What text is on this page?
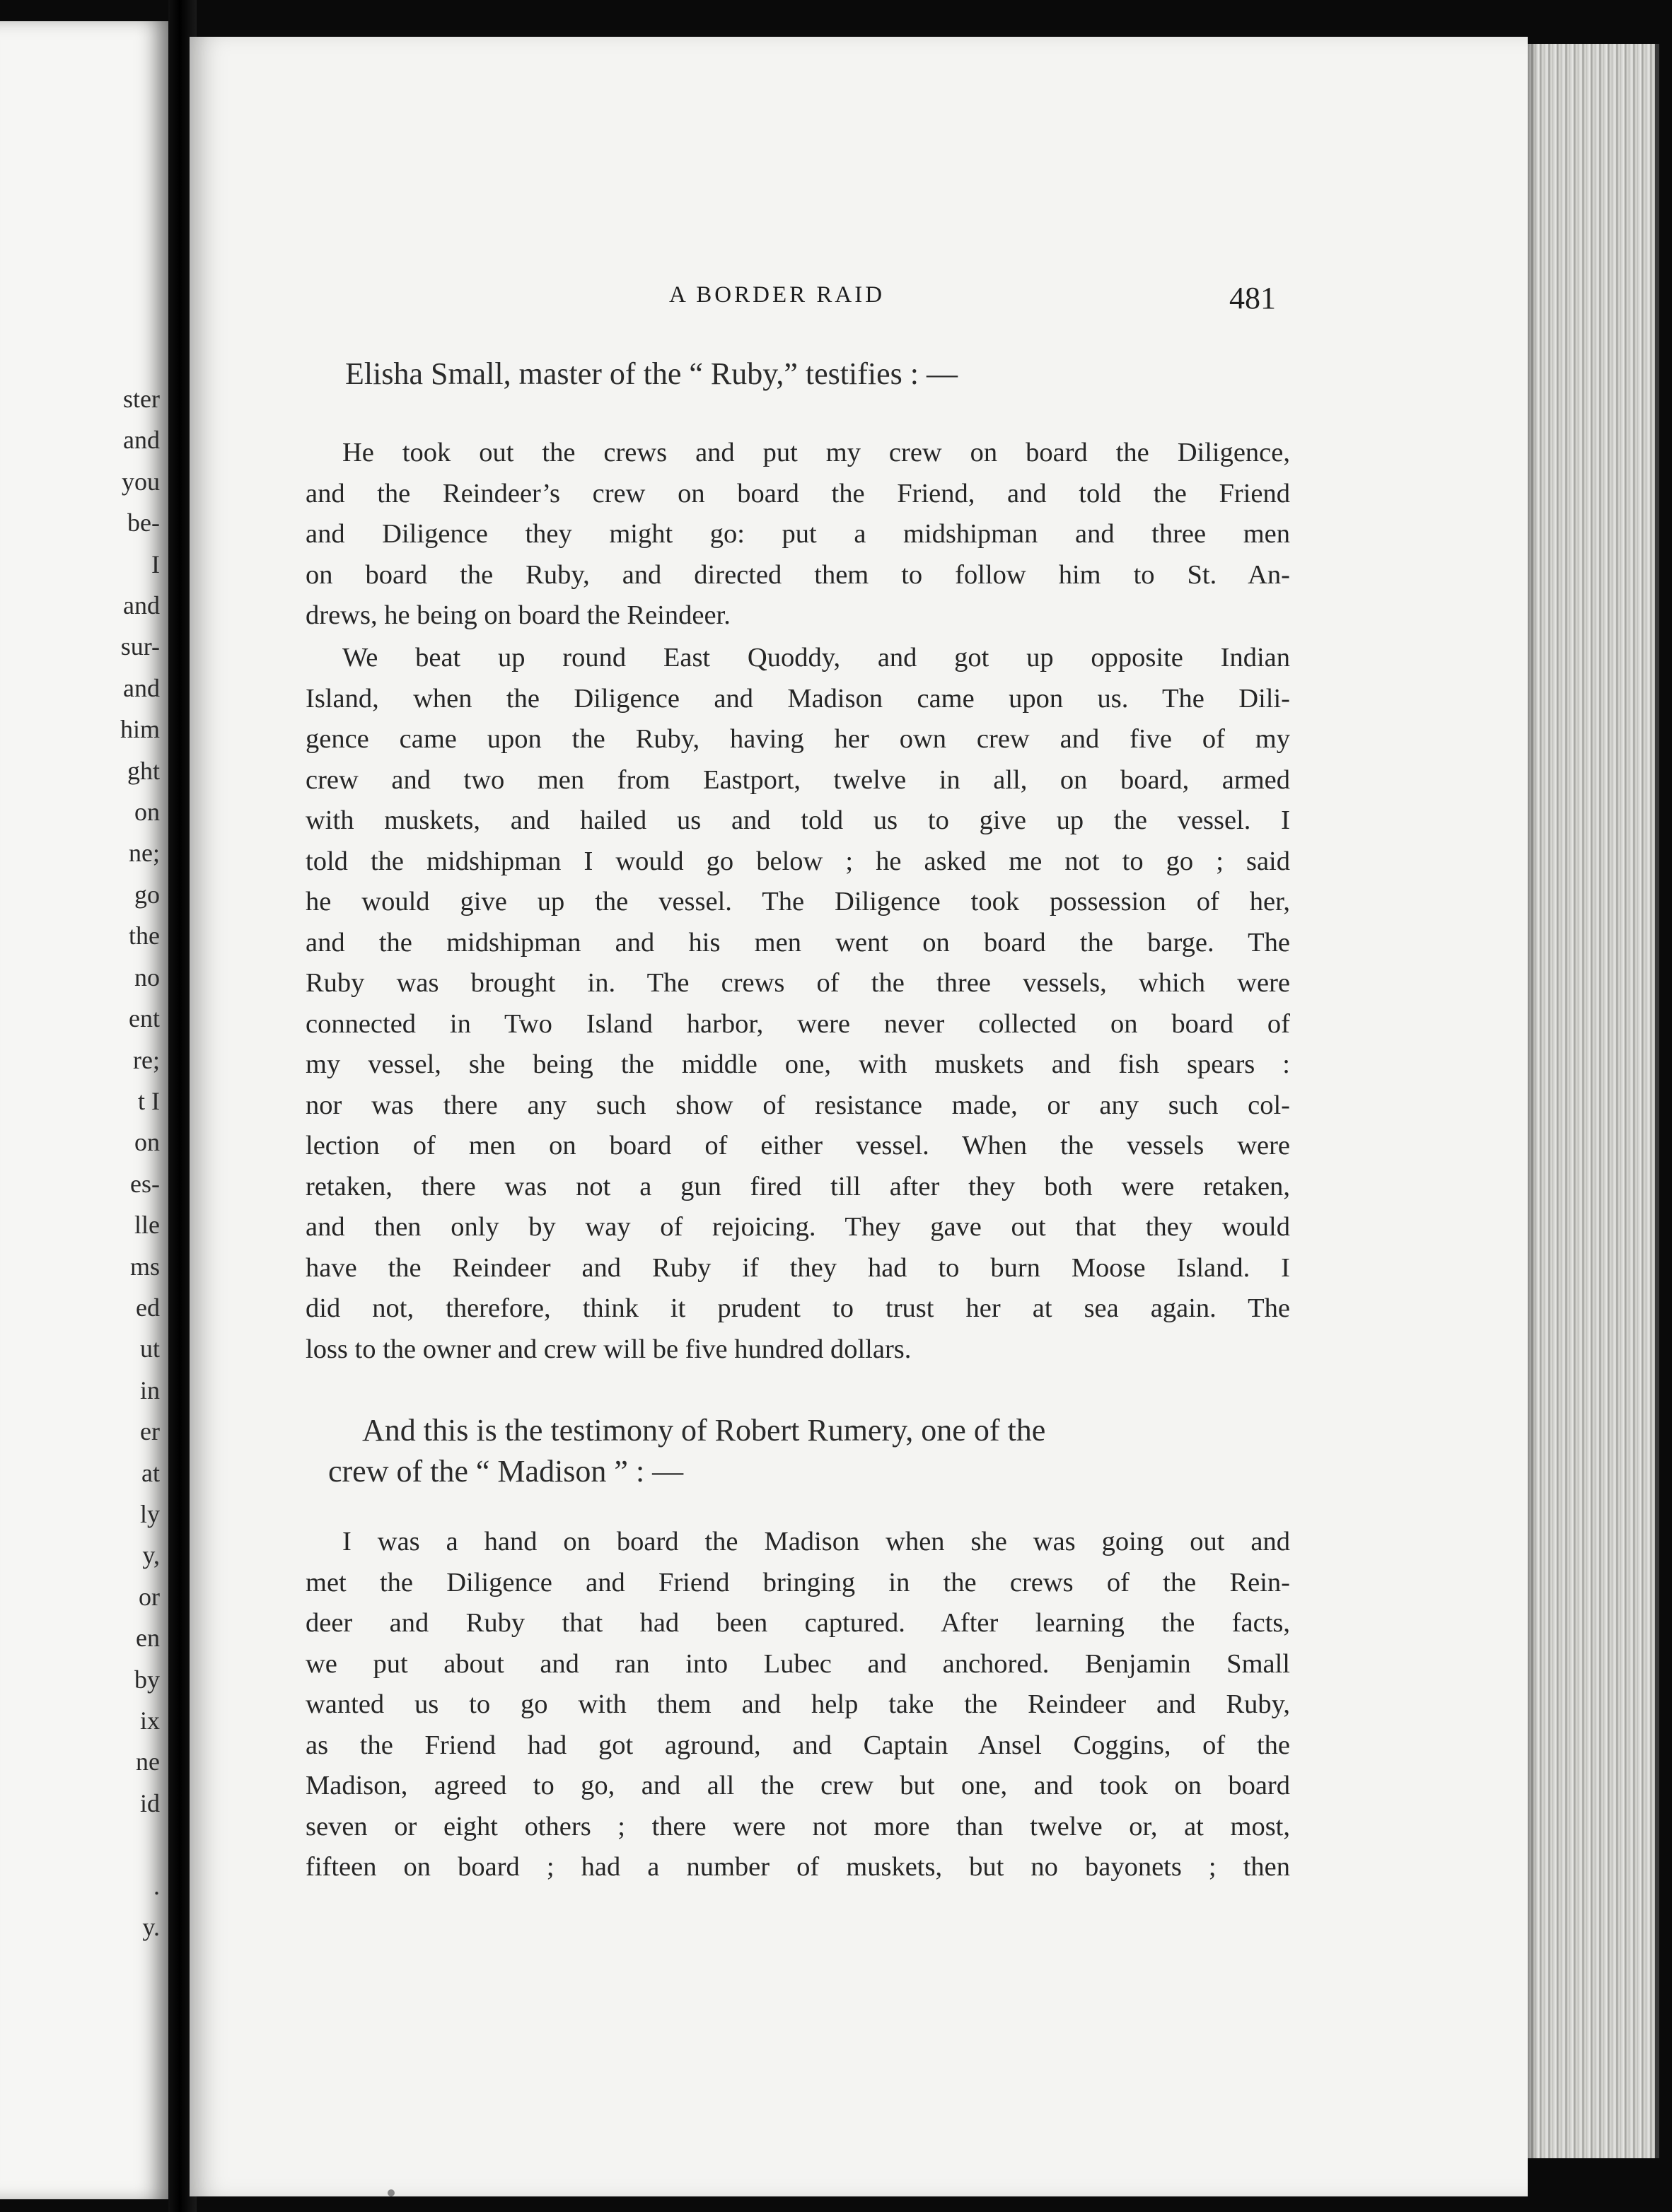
ster
and
you
be-
I
and
sur-
and
him
ght
on
ne;
go
the
no
ent
re;
t I
on
es-
lle
ms
ed
ut
in
er
at
ly
y,
or
en
by
ix
ne
id

.
y.
A BORDER RAID	481
Elisha Small, master of the “ Ruby,” testifies : —
He took out the crews and put my crew on board the Diligence,
and the Reindeer’s crew on board the Friend, and told the Friend
and Diligence they might go: put a midshipman and three men
on board the Ruby, and directed them to follow him to St. An-
drews, he being on board the Reindeer.
We beat up round East Quoddy, and got up opposite Indian
Island, when the Diligence and Madison came upon us. The Dili-
gence came upon the Ruby, having her own crew and five of my
crew and two men from Eastport, twelve in all, on board, armed
with muskets, and hailed us and told us to give up the vessel. I
told the midshipman I would go below ; he asked me not to go ; said
he would give up the vessel. The Diligence took possession of her,
and the midshipman and his men went on board the barge. The
Ruby was brought in. The crews of the three vessels, which were
connected in Two Island harbor, were never collected on board of
my vessel, she being the middle one, with muskets and fish spears :
nor was there any such show of resistance made, or any such col-
lection of men on board of either vessel. When the vessels were
retaken, there was not a gun fired till after they both were retaken,
and then only by way of rejoicing. They gave out that they would
have the Reindeer and Ruby if they had to burn Moose Island. I
did not, therefore, think it prudent to trust her at sea again. The
loss to the owner and crew will be five hundred dollars.
And this is the testimony of Robert Rumery, one of the
crew of the “ Madison ” : —
I was a hand on board the Madison when she was going out and
met the Diligence and Friend bringing in the crews of the Rein-
deer and Ruby that had been captured. After learning the facts,
we put about and ran into Lubec and anchored. Benjamin Small
wanted us to go with them and help take the Reindeer and Ruby,
as the Friend had got aground, and Captain Ansel Coggins, of the
Madison, agreed to go, and all the crew but one, and took on board
seven or eight others ; there were not more than twelve or, at most,
fifteen on board ; had a number of muskets, but no bayonets ; then
